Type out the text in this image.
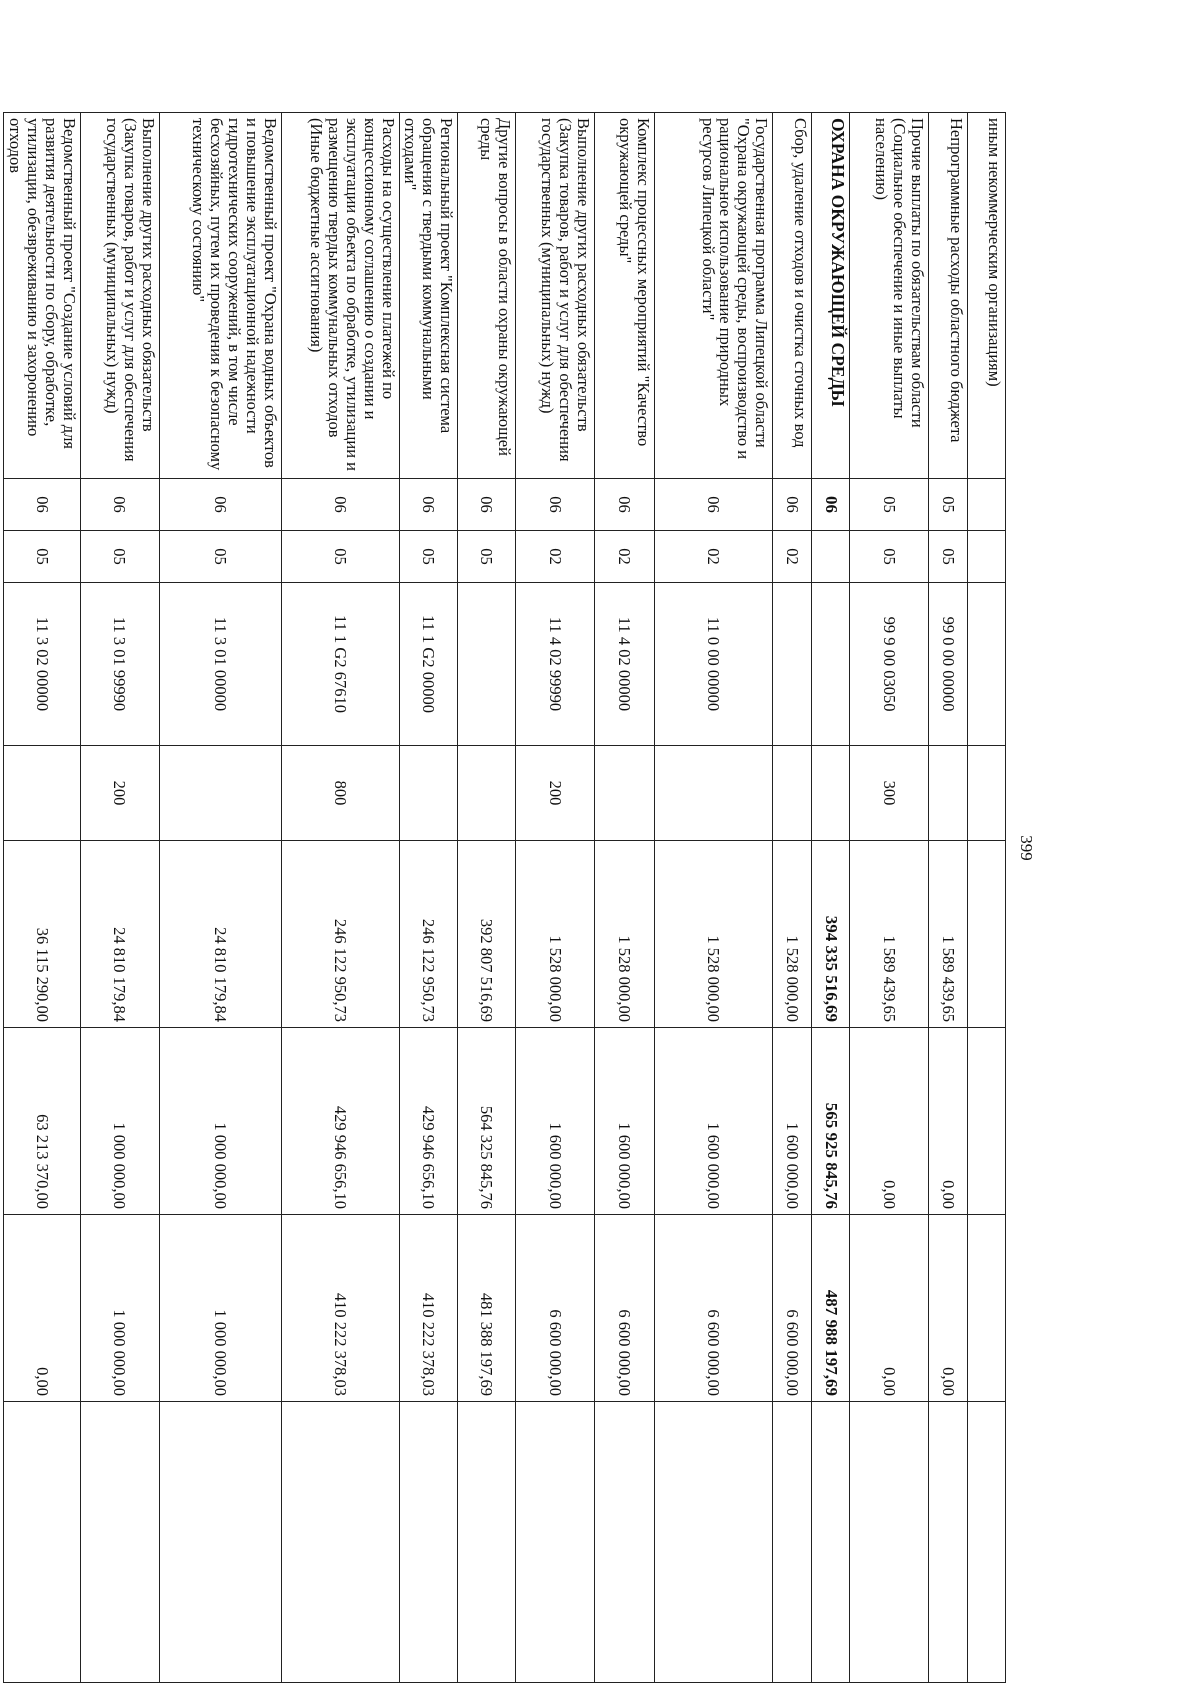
399
иным некоммерческим организациям)								
Непрограммные расходы областного бюджета	05	05	99 0 00 00000		1 589 439,65	0,00	0,00	
Прочие выплаты по обязательствам области (Социальное обеспечение и иные выплаты населению)	05	05	99 9 00 03050	300	1 589 439,65	0,00	0,00	
ОХРАНА ОКРУЖАЮЩЕЙ СРЕДЫ	06				394 335 516,69	565 925 845,76	487 988 197,69	
Сбор, удаление отходов и очистка сточных вод	06	02			1 528 000,00	1 600 000,00	6 600 000,00	
Государственная программа Липецкой области "Охрана окружающей среды, воспроизводство и рациональное использование природных ресурсов Липецкой области"	06	02	11 0 00 00000		1 528 000,00	1 600 000,00	6 600 000,00	
Комплекс процессных мероприятий "Качество окружающей среды"	06	02	11 4 02 00000		1 528 000,00	1 600 000,00	6 600 000,00	
Выполнение других расходных обязательств (Закупка товаров, работ и услуг для обеспечения государственных (муниципальных) нужд)	06	02	11 4 02 99990	200	1 528 000,00	1 600 000,00	6 600 000,00	
Другие вопросы в области охраны окружающей среды	06	05			392 807 516,69	564 325 845,76	481 388 197,69	
Региональный проект "Комплексная система обращения с твердыми коммунальными отходами"	06	05	11 1 G2 00000		246 122 950,73	429 946 656,10	410 222 378,03	
Расходы на осуществление платежей по концессионному соглашению о создании и эксплуатации объекта по обработке, утилизации и размещению твердых коммунальных отходов (Иные бюджетные ассигнования)	06	05	11 1 G2 67610	800	246 122 950,73	429 946 656,10	410 222 378,03	
Ведомственный проект "Охрана водных объектов и повышение эксплуатационной надежности гидротехнических сооружений, в том числе бесхозяйных, путем их проведения к безопасному техническому состоянию"	06	05	11 3 01 00000		24 810 179,84	1 000 000,00	1 000 000,00	
Выполнение других расходных обязательств (Закупка товаров, работ и услуг для обеспечения государственных (муниципальных) нужд)	06	05	11 3 01 99990	200	24 810 179,84	1 000 000,00	1 000 000,00	
Ведомственный проект "Создание условий для развития деятельности по сбору, обработке, утилизации, обезвреживанию и захоронению отходов	06	05	11 3 02 00000		36 115 290,00	63 213 370,00	0,00	
